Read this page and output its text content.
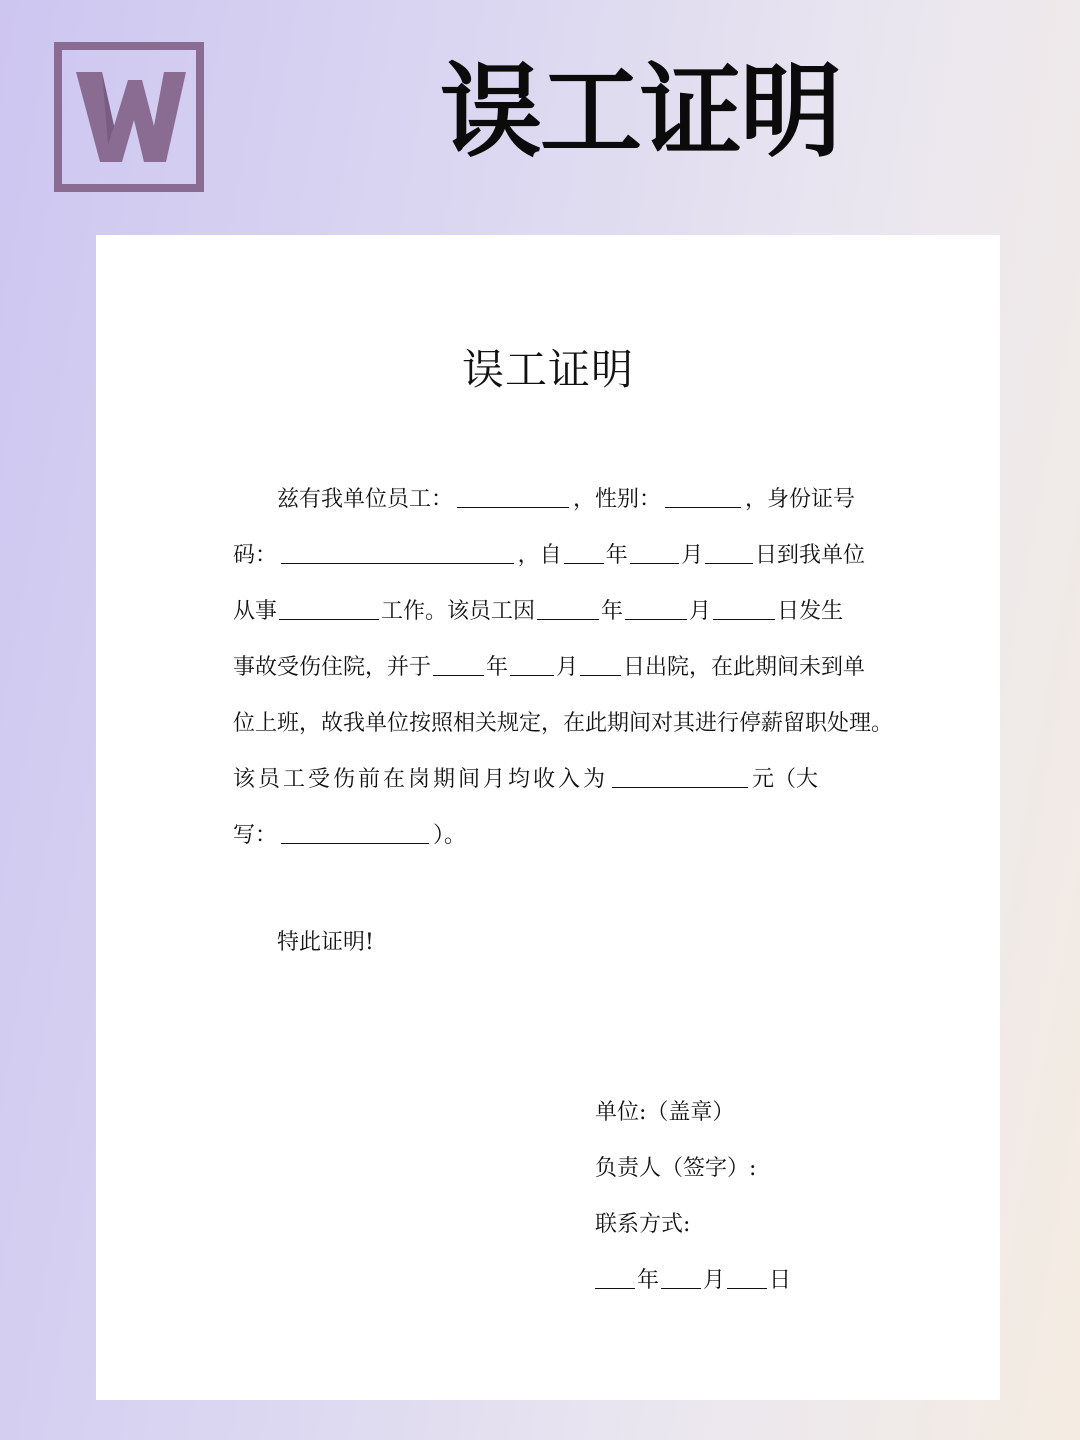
误工证明
误工证明
兹有我单位员工：	，性别：	，身份证号
码：	，自 年 月 日到我单位
从事	工作。该员工因	年	月	日发生
事故受伤住院，并于 年 月 日出院，在此期间未到单
位上班，故我单位按照相关规定，在此期间对其进行停薪留职处理。
该员工受伤前在岗期间月均收入为	元（大
写：	）。
特此证明!
单位:（盖章）
负责人（签字）:
联系方式:
年 月 日
